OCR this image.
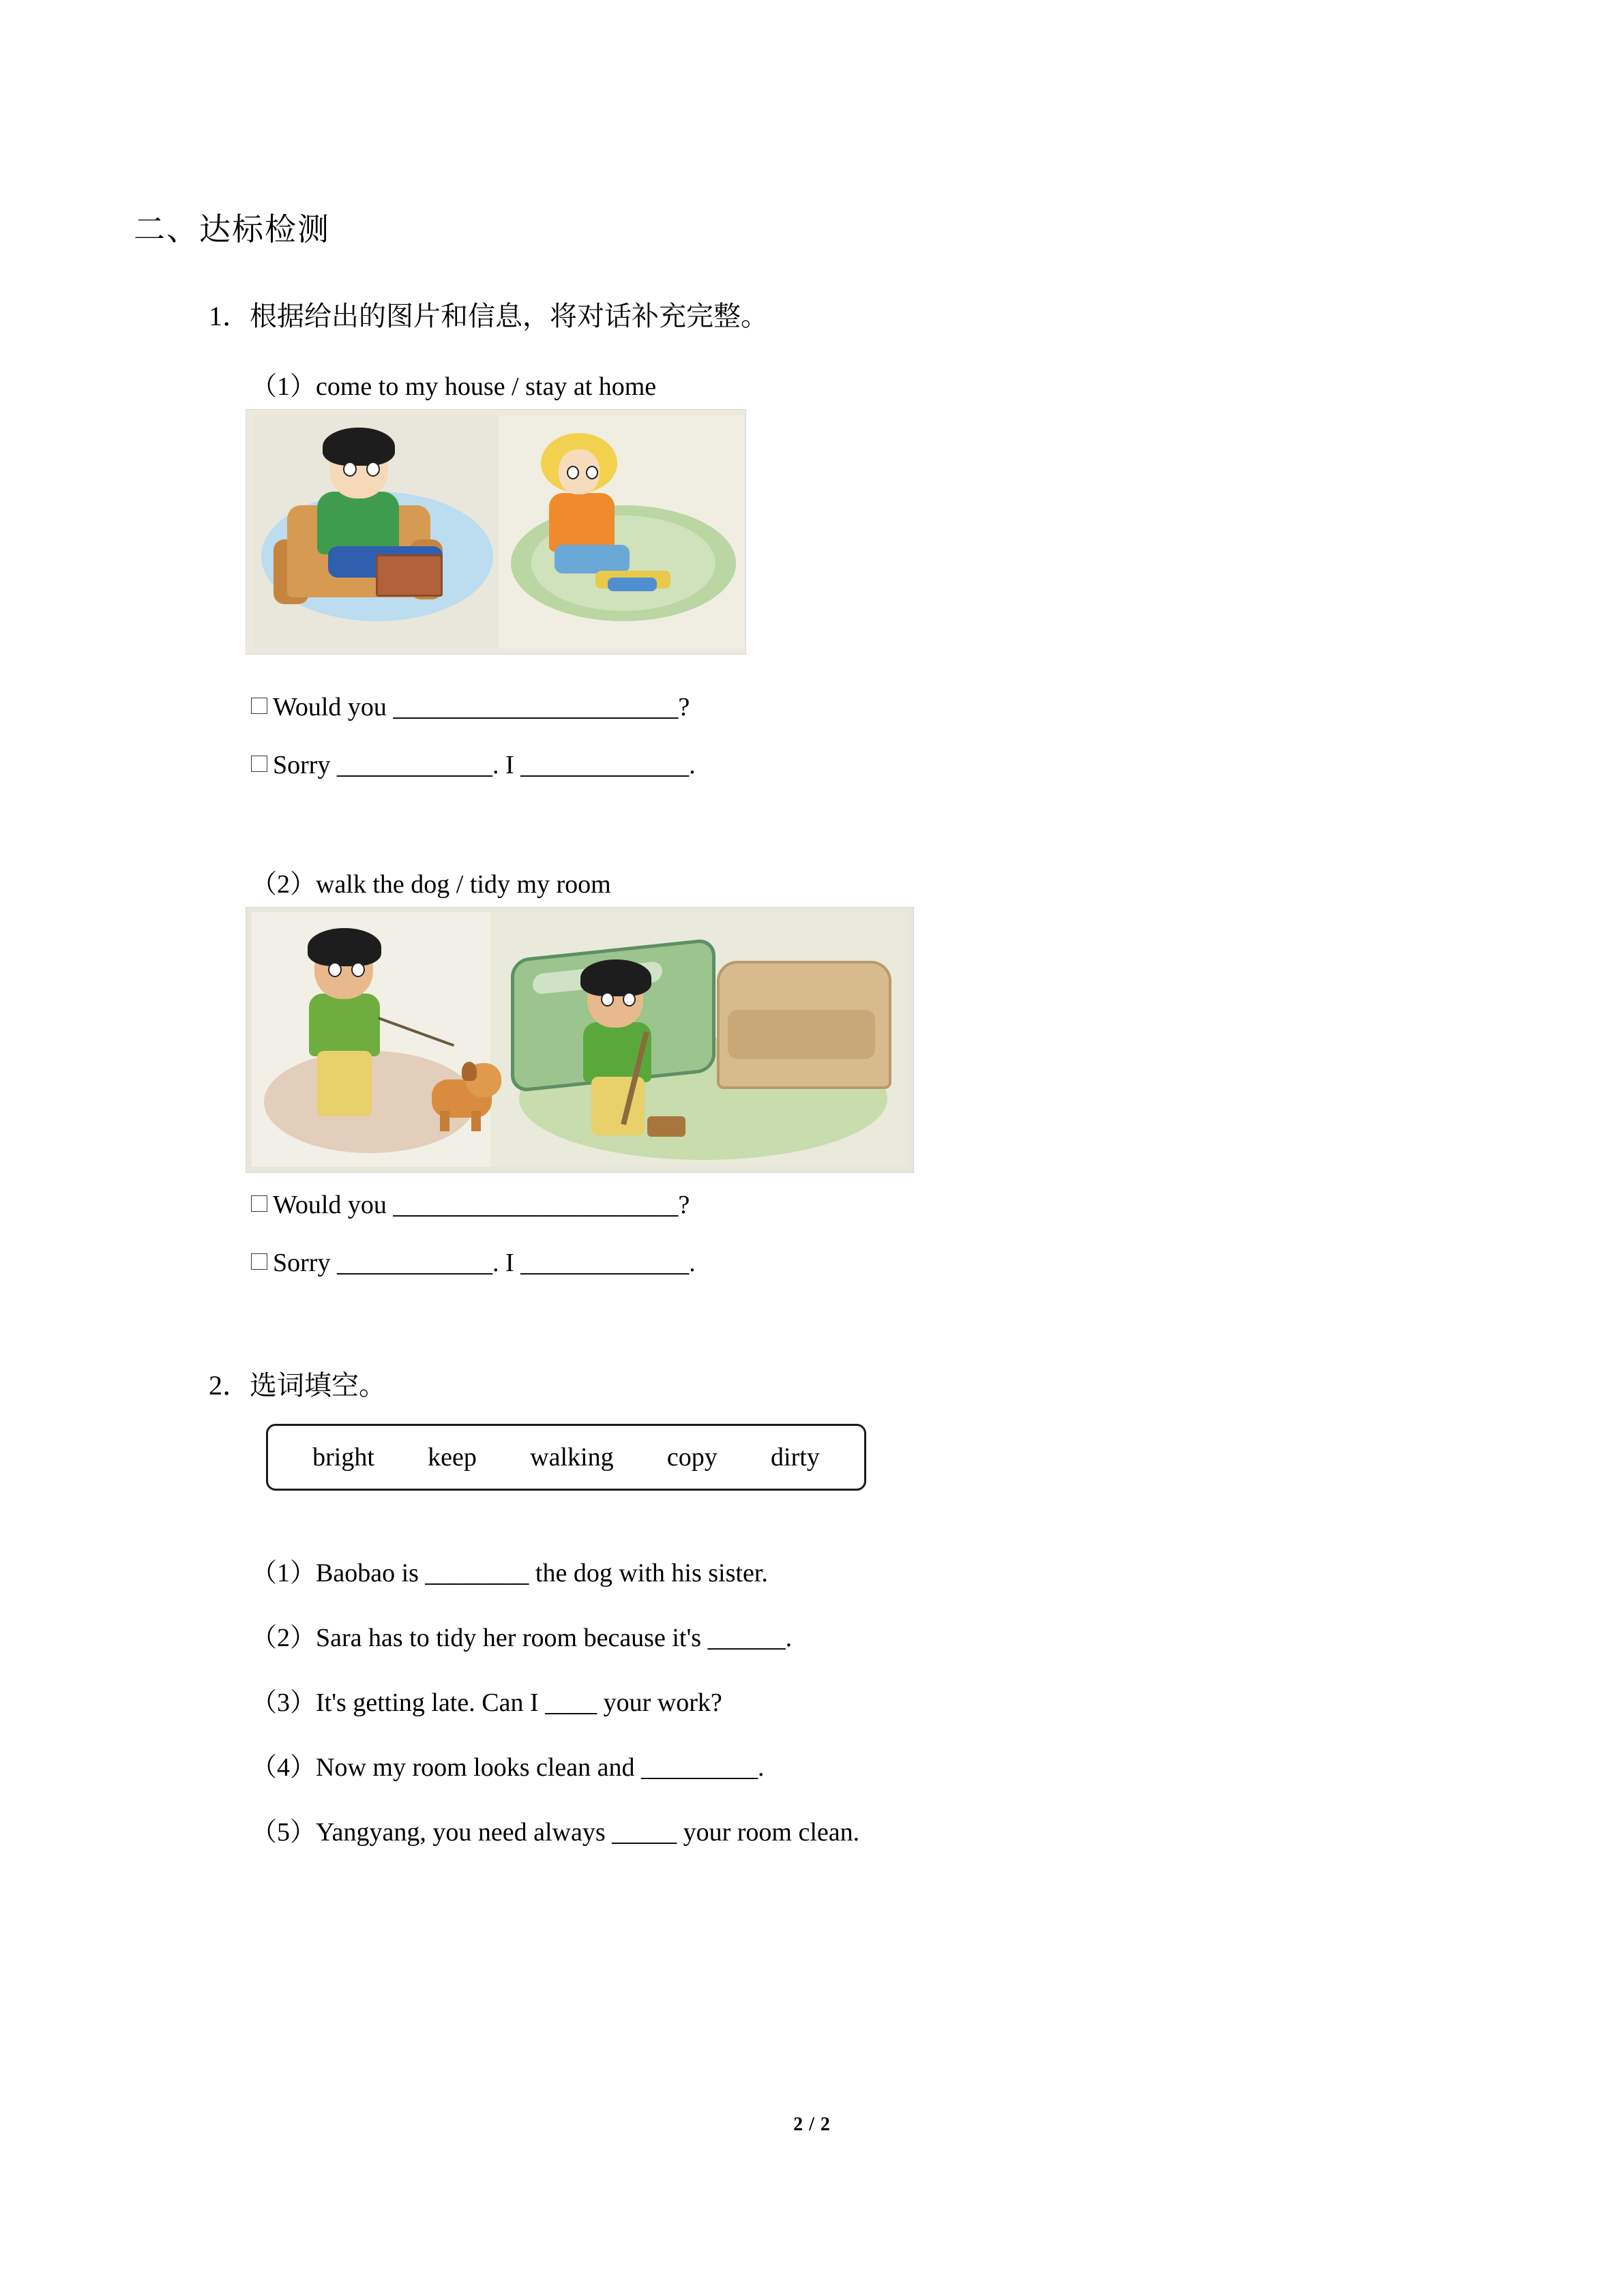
二、达标检测
1．根据给出的图片和信息，将对话补充完整。
（1）come to my house / stay at home
Would you ______________________?
Sorry ____________. I _____________.
（2）walk the dog / tidy my room
Would you ______________________?
Sorry ____________. I _____________.
2．选词填空。
bright keep walking copy dirty
（1）Baobao is ________ the dog with his sister.
（2）Sara has to tidy her room because it's ______.
（3）It's getting late. Can I ____ your work?
（4）Now my room looks clean and _________.
（5）Yangyang, you need always _____ your room clean.
2 / 2
